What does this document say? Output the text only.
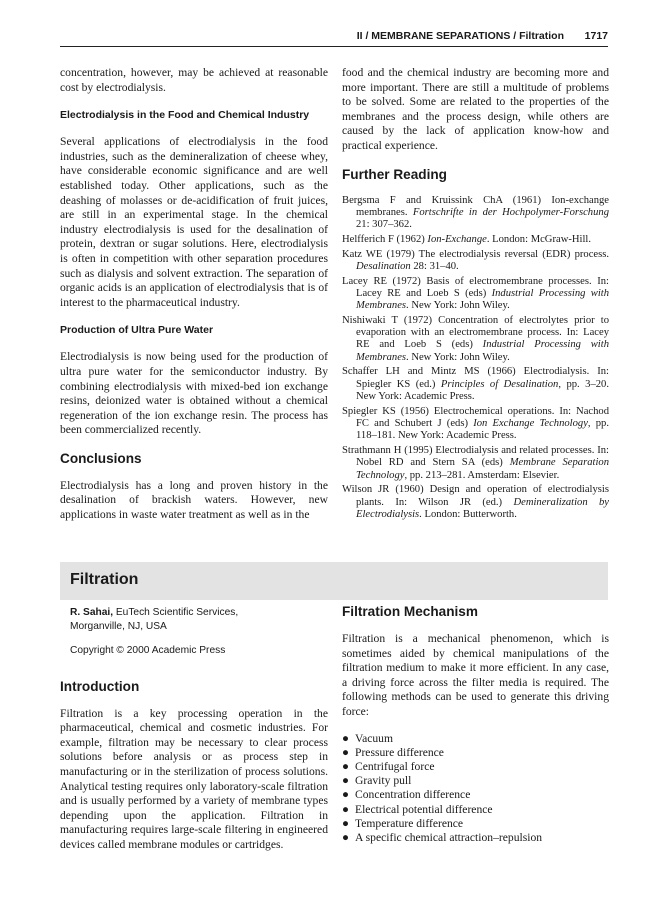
II / MEMBRANE SEPARATIONS / Filtration 1717

concentration, however, may be achieved at reasonable cost by electrodialysis.

Electrodialysis in the Food and Chemical Industry

Several applications of electrodialysis in the food industries, such as the demineralization of cheese whey, have considerable economic significance and are well established today. Other applications, such as the deashing of molasses or de-acidification of fruit juices, are still in an experimental stage. In the chemical industry electrodialysis is used for the desalination of protein, dextran or sugar solutions. Here, electrodialysis is often in competition with other separation procedures such as dialysis and solvent extraction. The separation of organic acids is an application of electrodialysis that is of interest to the pharmaceutical industry.

Production of Ultra Pure Water

Electrodialysis is now being used for the production of ultra pure water for the semiconductor industry. By combining electrodialysis with mixed-bed ion exchange resins, deionized water is obtained without a chemical regeneration of the ion exchange resin. The process has been commercialized recently.

Conclusions

Electrodialysis has a long and proven history in the desalination of brackish waters. However, new applications in waste water treatment as well as in the

food and the chemical industry are becoming more and more important. There are still a multitude of problems to be solved. Some are related to the properties of the membranes and the process design, while others are caused by the lack of application know-how and practical experience.

Further Reading

Bergsma F and Kruissink ChA (1961) Ion-exchange membranes. Fortschrifte in der Hochpolymer-Forschung 21: 307–362.

Helfferich F (1962) Ion-Exchange. London: McGraw-Hill.

Katz WE (1979) The electrodialysis reversal (EDR) process. Desalination 28: 31–40.

Lacey RE (1972) Basis of electromembrane processes. In: Lacey RE and Loeb S (eds) Industrial Processing with Membranes. New York: John Wiley.

Nishiwaki T (1972) Concentration of electrolytes prior to evaporation with an electromembrane process. In: Lacey RE and Loeb S (eds) Industrial Processing with Membranes. New York: John Wiley.

Schaffer LH and Mintz MS (1966) Electrodialysis. In: Spiegler KS (ed.) Principles of Desalination, pp. 3–20. New York: Academic Press.

Spiegler KS (1956) Electrochemical operations. In: Nachod FC and Schubert J (eds) Ion Exchange Technology, pp. 118–181. New York: Academic Press.

Strathmann H (1995) Electrodialysis and related processes. In: Nobel RD and Stern SA (eds) Membrane Separation Technology, pp. 213–281. Amsterdam: Elsevier.

Wilson JR (1960) Design and operation of electrodialysis plants. In: Wilson JR (ed.) Demineralization by Electrodialysis. London: Butterworth.

Filtration
R. Sahai, EuTech Scientific Services,
Morganville, NJ, USA
Copyright © 2000 Academic Press
Introduction

Filtration is a key processing operation in the pharmaceutical, chemical and cosmetic industries. For example, filtration may be necessary to clear process solutions before analysis or as process step in manufacturing or in the sterilization of process solutions. Analytical testing requires only laboratory-scale filtration and is usually performed by a variety of membrane types depending upon the application. Filtration in manufacturing requires large-scale filtering in engineered devices called membrane modules or cartridges.

Filtration Mechanism

Filtration is a mechanical phenomenon, which is sometimes aided by chemical manipulations of the filtration medium to make it more efficient. In any case, a driving force across the filter media is required. The following methods can be used to generate this driving force:

● Vacuum
● Pressure difference
● Centrifugal force
● Gravity pull
● Concentration difference
● Electrical potential difference
● Temperature difference
● A specific chemical attraction–repulsion
